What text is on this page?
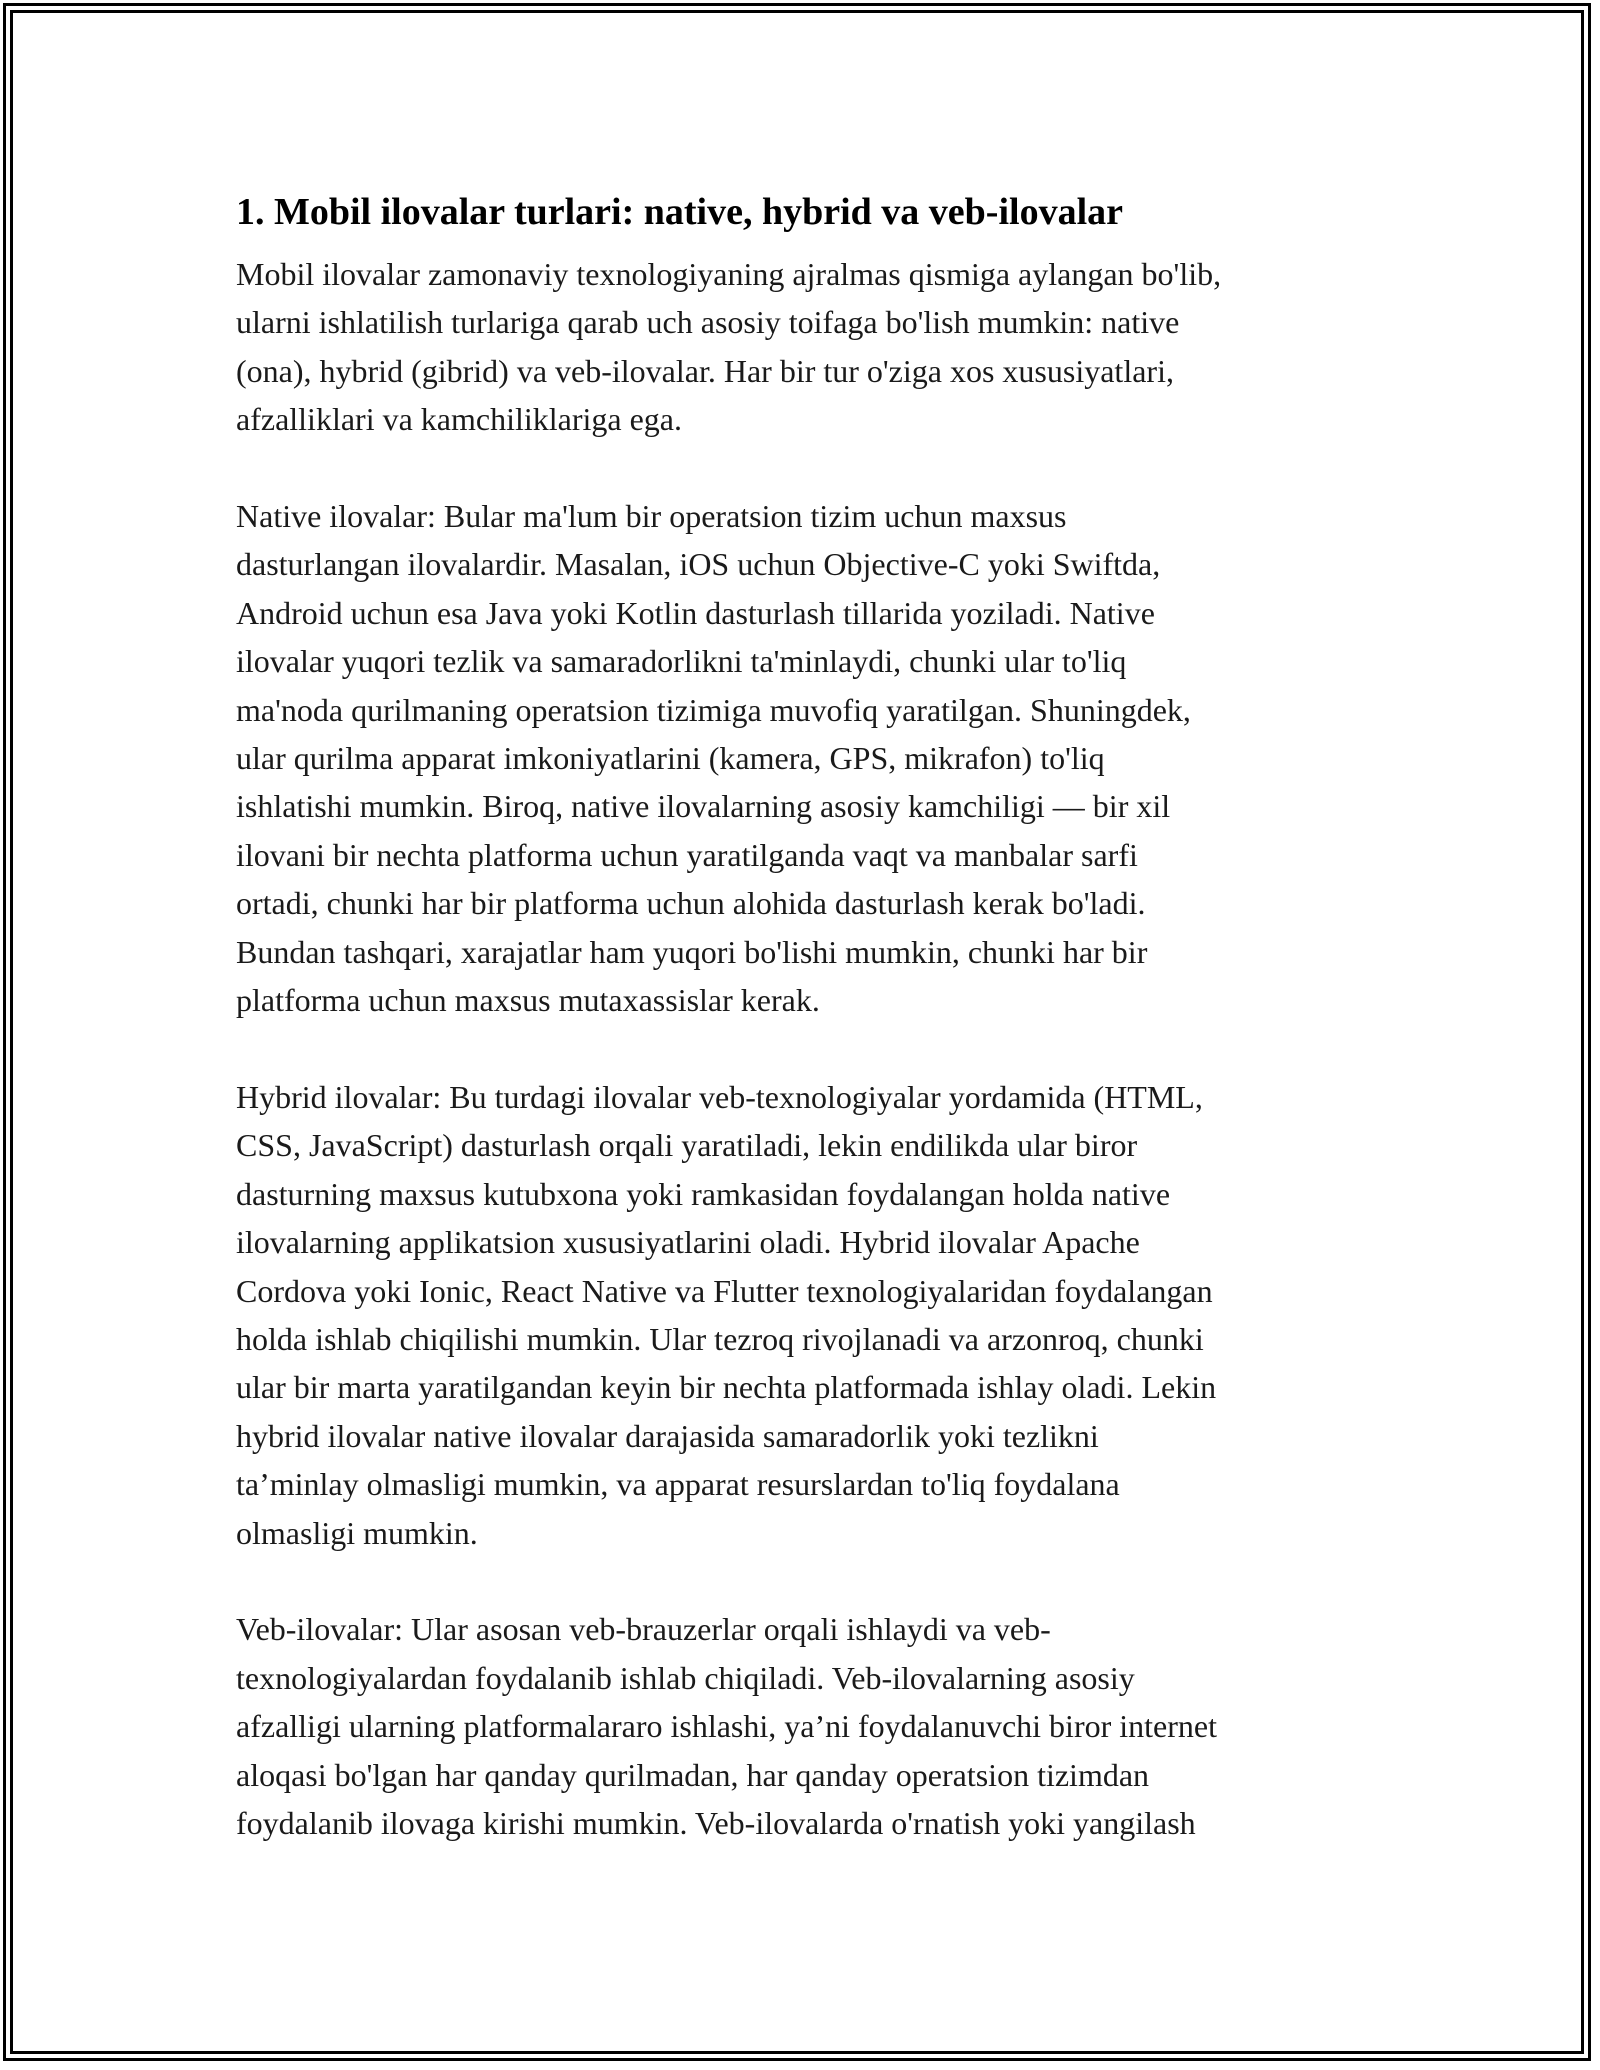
1. Mobil ilovalar turlari: native, hybrid va veb-ilovalar

Mobil ilovalar zamonaviy texnologiyaning ajralmas qismiga aylangan bo'lib,
ularni ishlatilish turlariga qarab uch asosiy toifaga bo'lish mumkin: native
(ona), hybrid (gibrid) va veb-ilovalar. Har bir tur o'ziga xos xususiyatlari,
afzalliklari va kamchiliklariga ega.

Native ilovalar: Bular ma'lum bir operatsion tizim uchun maxsus
dasturlangan ilovalardir. Masalan, iOS uchun Objective-C yoki Swiftda,
Android uchun esa Java yoki Kotlin dasturlash tillarida yoziladi. Native
ilovalar yuqori tezlik va samaradorlikni ta'minlaydi, chunki ular to'liq
ma'noda qurilmaning operatsion tizimiga muvofiq yaratilgan. Shuningdek,
ular qurilma apparat imkoniyatlarini (kamera, GPS, mikrafon) to'liq
ishlatishi mumkin. Biroq, native ilovalarning asosiy kamchiligi — bir xil
ilovani bir nechta platforma uchun yaratilganda vaqt va manbalar sarfi
ortadi, chunki har bir platforma uchun alohida dasturlash kerak bo'ladi.
Bundan tashqari, xarajatlar ham yuqori bo'lishi mumkin, chunki har bir
platforma uchun maxsus mutaxassislar kerak.

Hybrid ilovalar: Bu turdagi ilovalar veb-texnologiyalar yordamida (HTML,
CSS, JavaScript) dasturlash orqali yaratiladi, lekin endilikda ular biror
dasturning maxsus kutubxona yoki ramkasidan foydalangan holda native
ilovalarning applikatsion xususiyatlarini oladi. Hybrid ilovalar Apache
Cordova yoki Ionic, React Native va Flutter texnologiyalaridan foydalangan
holda ishlab chiqilishi mumkin. Ular tezroq rivojlanadi va arzonroq, chunki
ular bir marta yaratilgandan keyin bir nechta platformada ishlay oladi. Lekin
hybrid ilovalar native ilovalar darajasida samaradorlik yoki tezlikni
ta’minlay olmasligi mumkin, va apparat resurslardan to'liq foydalana
olmasligi mumkin.

Veb-ilovalar: Ular asosan veb-brauzerlar orqali ishlaydi va veb-
texnologiyalardan foydalanib ishlab chiqiladi. Veb-ilovalarning asosiy
afzalligi ularning platformalararo ishlashi, ya’ni foydalanuvchi biror internet
aloqasi bo'lgan har qanday qurilmadan, har qanday operatsion tizimdan
foydalanib ilovaga kirishi mumkin. Veb-ilovalarda o'rnatish yoki yangilash
